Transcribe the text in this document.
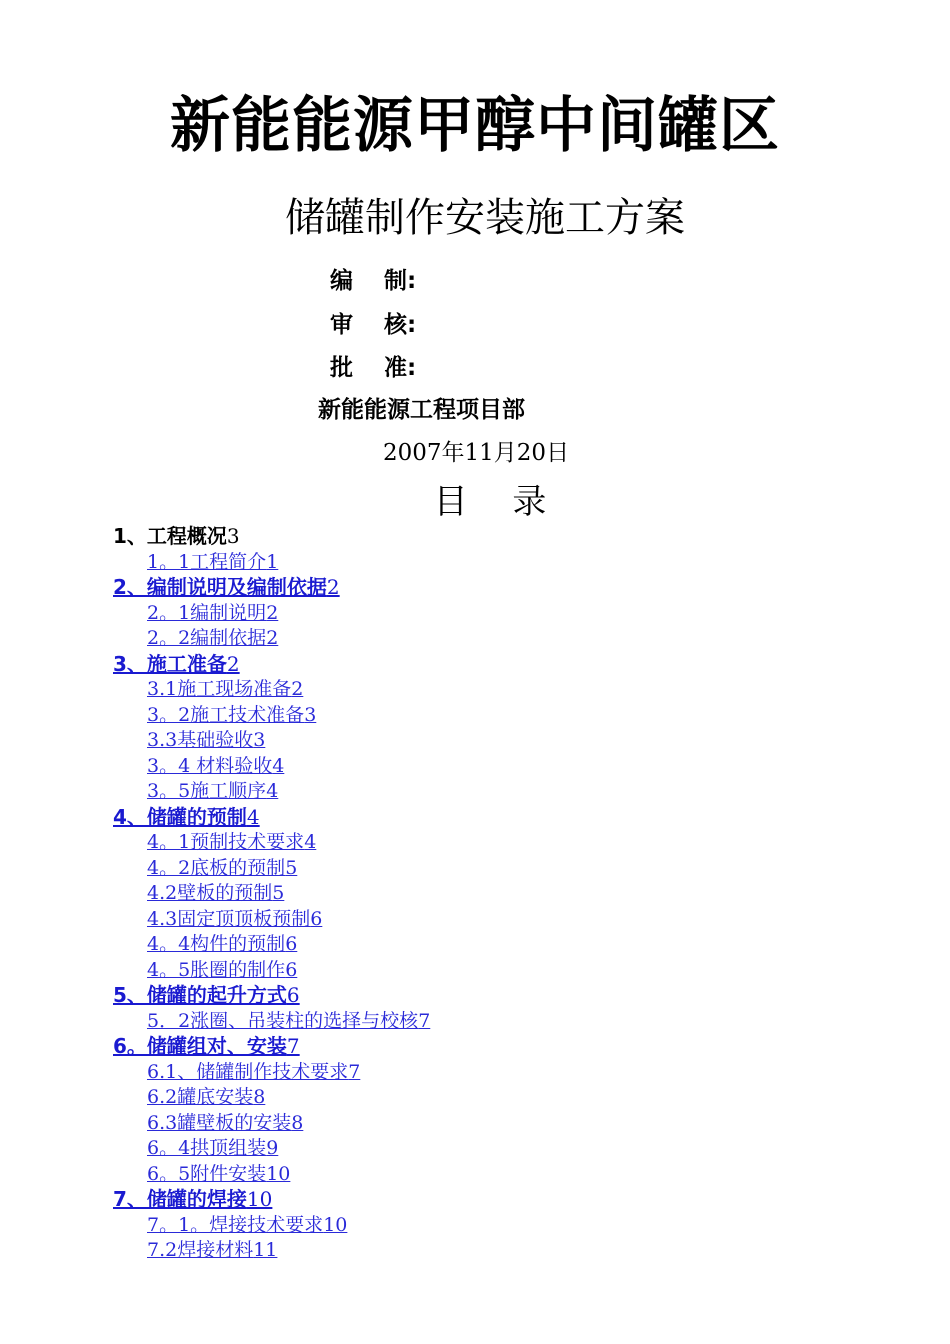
新能能源甲醇中间罐区
储罐制作安装施工方案
编　 制:
审　 核:
批　 准:
新能能源工程项目部
2007年11月20日
目　 录
1、工程概况3
1。1工程简介1
2、编制说明及编制依据2
2。1编制说明2
2。2编制依据2
3、施工准备2
3.1施工现场准备2
3。2施工技术准备3
3.3基础验收3
3。4 材料验收4
3。5施工顺序4
4、储罐的预制4
4。1预制技术要求4
4。2底板的预制5
4.2壁板的预制5
4.3固定顶顶板预制6
4。4构件的预制6
4。5胀圈的制作6
5、储罐的起升方式6
5．2涨圈、吊装柱的选择与校核7
6。储罐组对、安装7
6.1、储罐制作技术要求7
6.2罐底安装8
6.3罐壁板的安装8
6。4拱顶组装9
6。5附件安装10
7、储罐的焊接10
7。1。焊接技术要求10
7.2焊接材料11
